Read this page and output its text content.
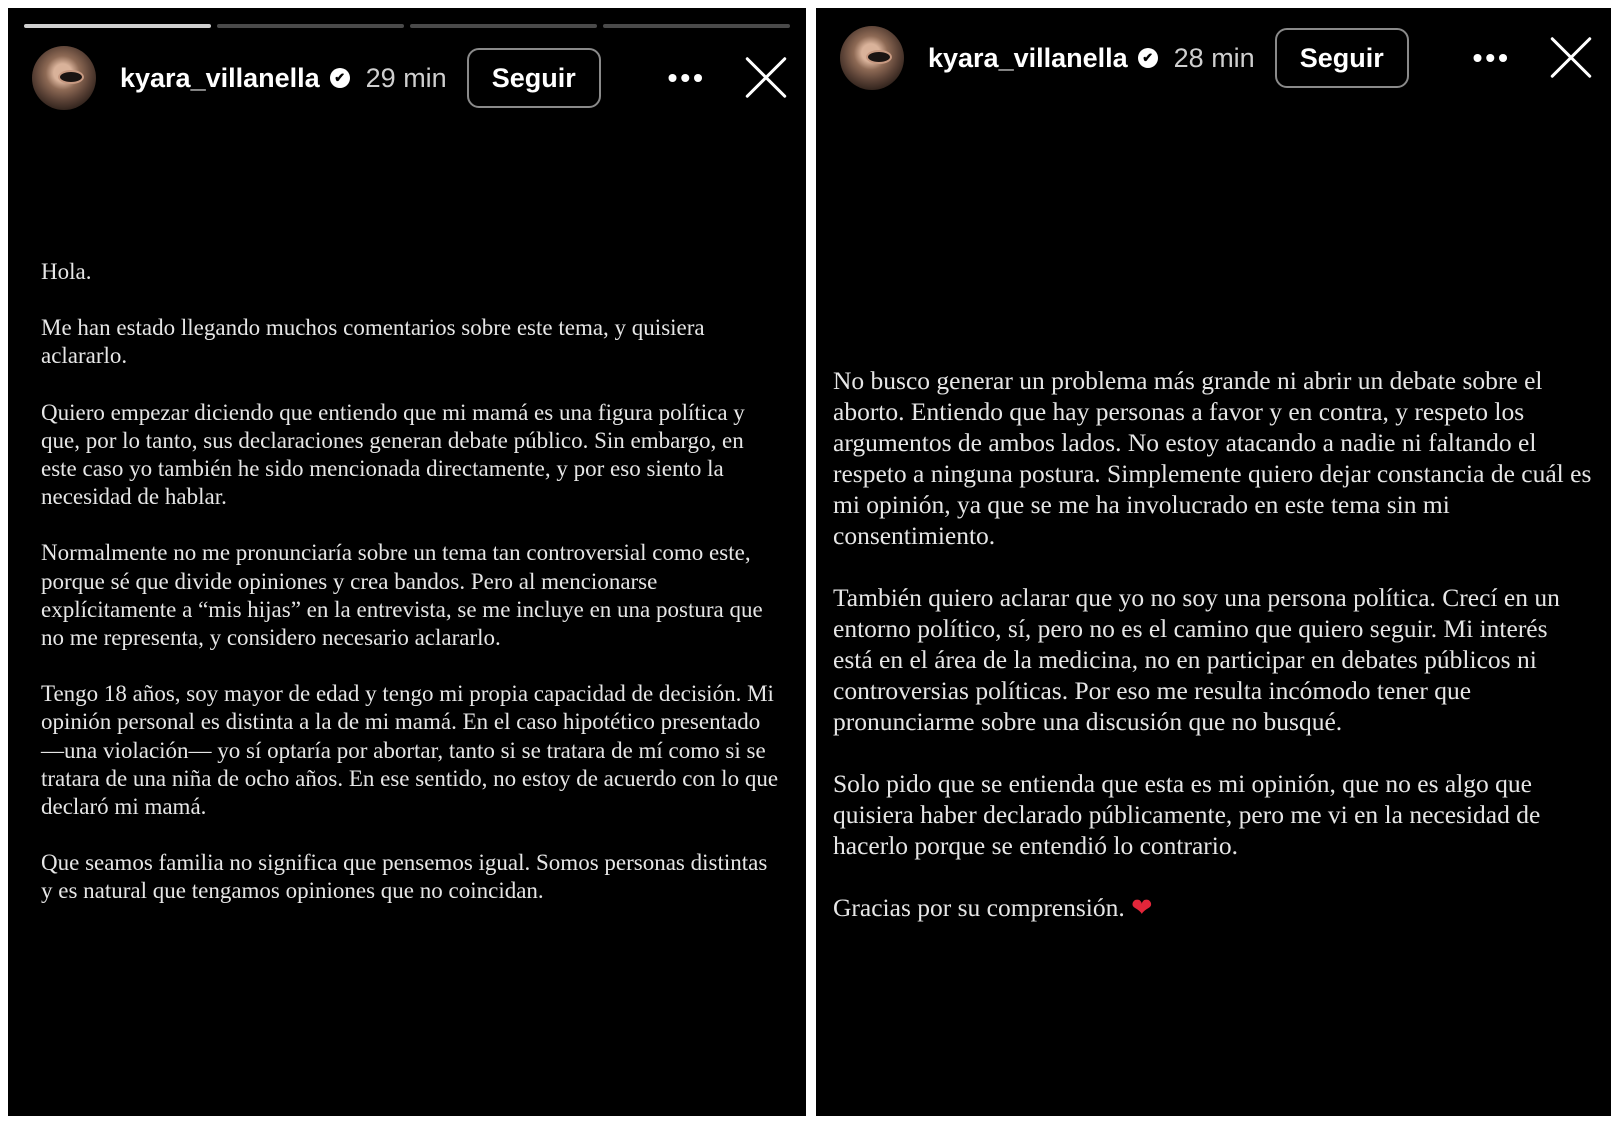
kyara_villanella	✔ 29 min	Seguir	•••

Hola.

Me han estado llegando muchos comentarios sobre este tema, y quisiera aclararlo.

Quiero empezar diciendo que entiendo que mi mamá es una figura política y que, por lo tanto, sus declaraciones generan debate público. Sin embargo, en este caso yo también he sido mencionada directamente, y por eso siento la necesidad de hablar.

Normalmente no me pronunciaría sobre un tema tan controversial como este, porque sé que divide opiniones y crea bandos. Pero al mencionarse explícitamente a “mis hijas” en la entrevista, se me incluye en una postura que no me representa, y considero necesario aclararlo.

Tengo 18 años, soy mayor de edad y tengo mi propia capacidad de decisión. Mi opinión personal es distinta a la de mi mamá. En el caso hipotético presentado —una violación— yo sí optaría por abortar, tanto si se tratara de mí como si se tratara de una niña de ocho años. En ese sentido, no estoy de acuerdo con lo que declaró mi mamá.

Que seamos familia no significa que pensemos igual. Somos personas distintas y es natural que tengamos opiniones que no coincidan.

kyara_villanella	✔ 28 min	Seguir	•••

No busco generar un problema más grande ni abrir un debate sobre el aborto. Entiendo que hay personas a favor y en contra, y respeto los argumentos de ambos lados. No estoy atacando a nadie ni faltando el respeto a ninguna postura. Simplemente quiero dejar constancia de cuál es mi opinión, ya que se me ha involucrado en este tema sin mi consentimiento.

También quiero aclarar que yo no soy una persona política. Crecí en un entorno político, sí, pero no es el camino que quiero seguir. Mi interés está en el área de la medicina, no en participar en debates públicos ni controversias políticas. Por eso me resulta incómodo tener que pronunciarme sobre una discusión que no busqué.

Solo pido que se entienda que esta es mi opinión, que no es algo que quisiera haber declarado públicamente, pero me vi en la necesidad de hacerlo porque se entendió lo contrario.

Gracias por su comprensión. ❤
